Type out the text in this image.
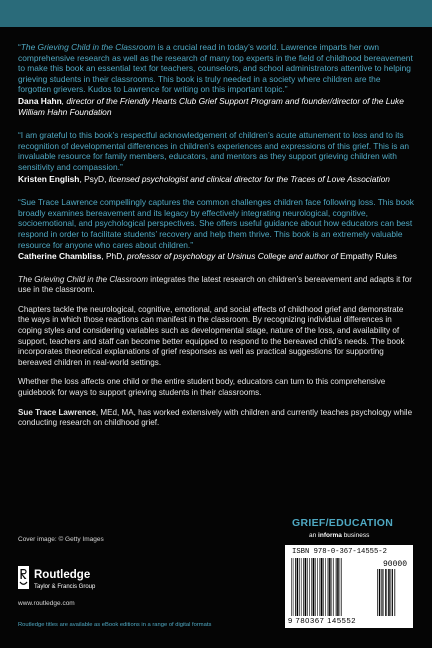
“The Grieving Child in the Classroom is a crucial read in today’s world. Lawrence imparts her own comprehensive research as well as the research of many top experts in the field of childhood bereavement to make this book an essential text for teachers, counselors, and school administrators attentive to helping grieving students in their classrooms. This book is truly needed in a society where children are the forgotten grievers. Kudos to Lawrence for writing on this important topic.”

Dana Hahn, director of the Friendly Hearts Club Grief Support Program and founder/director of the Luke William Hahn Foundation

“I am grateful to this book’s respectful acknowledgement of children’s acute attunement to loss and to its recognition of developmental differences in children’s experiences and expressions of this grief. This is an invaluable resource for family members, educators, and mentors as they support grieving children with sensitivity and compassion.”

Kristen English, PsyD, licensed psychologist and clinical director for the Traces of Love Association

“Sue Trace Lawrence compellingly captures the common challenges children face following loss. This book broadly examines bereavement and its legacy by effectively integrating neurological, cognitive, socioemotional, and psychological perspectives. She offers useful guidance about how educators can best respond in order to facilitate students’ recovery and help them thrive. This book is an extremely valuable resource for anyone who cares about children.”

Catherine Chambliss, PhD, professor of psychology at Ursinus College and author of Empathy Rules

The Grieving Child in the Classroom integrates the latest research on children’s bereavement and adapts it for use in the classroom.

Chapters tackle the neurological, cognitive, emotional, and social effects of childhood grief and demonstrate the ways in which those reactions can manifest in the classroom. By recognizing individual differences in coping styles and considering variables such as developmental stage, nature of the loss, and availability of support, teachers and staff can become better equipped to respond to the bereaved child’s needs. The book incorporates theoretical explanations of grief responses as well as practical suggestions for supporting bereaved children in real-world settings.

Whether the loss affects one child or the entire student body, educators can turn to this comprehensive guidebook for ways to support grieving students in their classrooms.

Sue Trace Lawrence, MEd, MA, has worked extensively with children and currently teaches psychology while conducting research on childhood grief.

GRIEF/EDUCATION
an informa business
Cover image: © Getty Images
Routledge
Taylor & Francis Group
www.routledge.com
Routledge titles are available as eBook editions in a range of digital formats
ISBN 978-0-367-14555-2
90000
9 780367 145552
